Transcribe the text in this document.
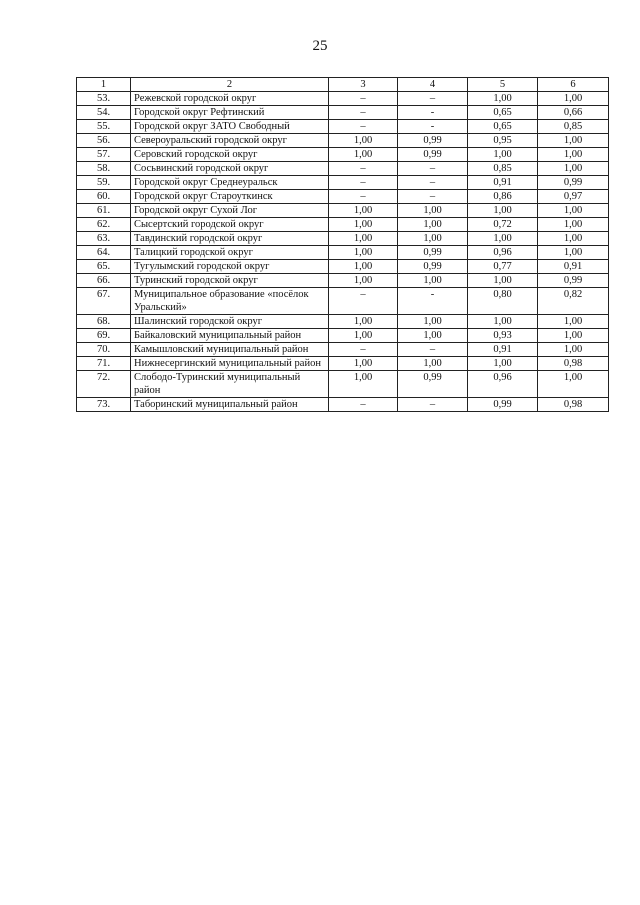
25
1	2	3	4	5	6
53.	Режевской городской округ	–	–	1,00	1,00
54.	Городской округ Рефтинский	–	-	0,65	0,66
55.	Городской округ ЗАТО Свободный	–	-	0,65	0,85
56.	Североуральский городской округ	1,00	0,99	0,95	1,00
57.	Серовский городской округ	1,00	0,99	1,00	1,00
58.	Сосьвинский городской округ	–	–	0,85	1,00
59.	Городской округ Среднеуральск	–	–	0,91	0,99
60.	Городской округ Староуткинск	–	–	0,86	0,97
61.	Городской округ Сухой Лог	1,00	1,00	1,00	1,00
62.	Сысертский городской округ	1,00	1,00	0,72	1,00
63.	Тавдинский городской округ	1,00	1,00	1,00	1,00
64.	Талицкий городской округ	1,00	0,99	0,96	1,00
65.	Тугулымский городской округ	1,00	0,99	0,77	0,91
66.	Туринский городской округ	1,00	1,00	1,00	0,99
67.	Муниципальное образование «посёлок Уральский»	–	-	0,80	0,82
68.	Шалинский городской округ	1,00	1,00	1,00	1,00
69.	Байкаловский муниципальный район	1,00	1,00	0,93	1,00
70.	Камышловский муниципальный район	–	–	0,91	1,00
71.	Нижнесергинский муниципальный район	1,00	1,00	1,00	0,98
72.	Слободо-Туринский муниципальный район	1,00	0,99	0,96	1,00
73.	Таборинский муниципальный район	–	–	0,99	0,98
